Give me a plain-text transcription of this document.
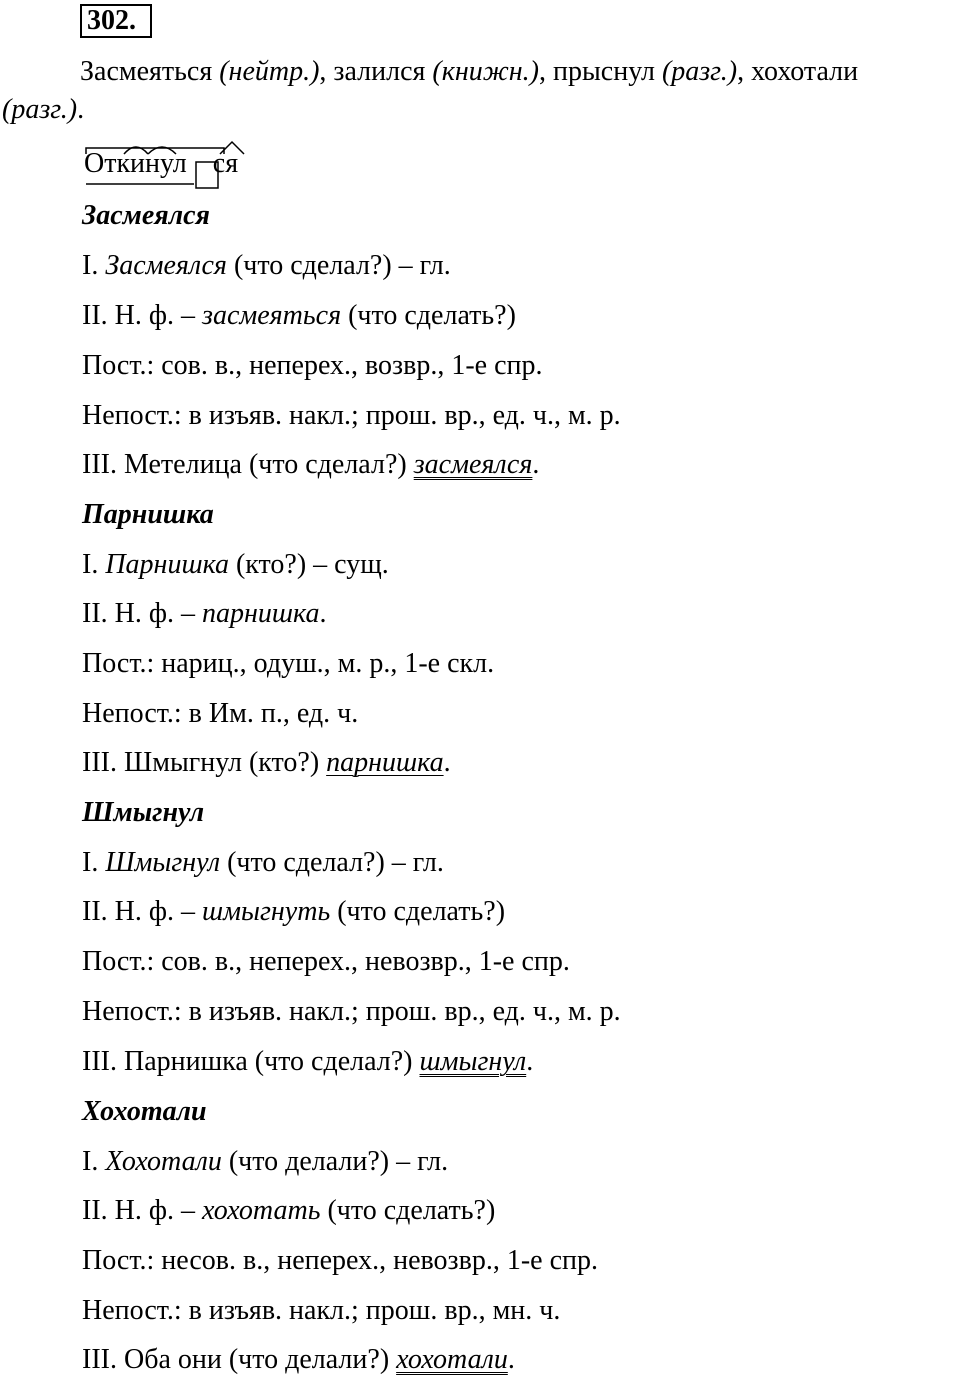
302.
Засмеяться (нейтр.), залился (книжн.), прыснул (разг.), хохотали
(разг.).
Откинул ся
Засмеялся
I. Засмеялся (что сделал?) – гл.
II. Н. ф. – засмеяться (что сделать?)
Пост.: сов. в., неперех., возвр., 1-е спр.
Непост.: в изъяв. накл.; прош. вр., ед. ч., м. р.
III. Метелица (что сделал?) засмеялся.
Парнишка
I. Парнишка (кто?) – сущ.
II. Н. ф. – парнишка.
Пост.: нариц., одуш., м. р., 1-е скл.
Непост.: в Им. п., ед. ч.
III. Шмыгнул (кто?) парнишка.
Шмыгнул
I. Шмыгнул (что сделал?) – гл.
II. Н. ф. – шмыгнуть (что сделать?)
Пост.: сов. в., неперех., невозвр., 1-е спр.
Непост.: в изъяв. накл.; прош. вр., ед. ч., м. р.
III. Парнишка (что сделал?) шмыгнул.
Хохотали
I. Хохотали (что делали?) – гл.
II. Н. ф. – хохотать (что сделать?)
Пост.: несов. в., неперех., невозвр., 1-е спр.
Непост.: в изъяв. накл.; прош. вр., мн. ч.
III. Оба они (что делали?) хохотали.
